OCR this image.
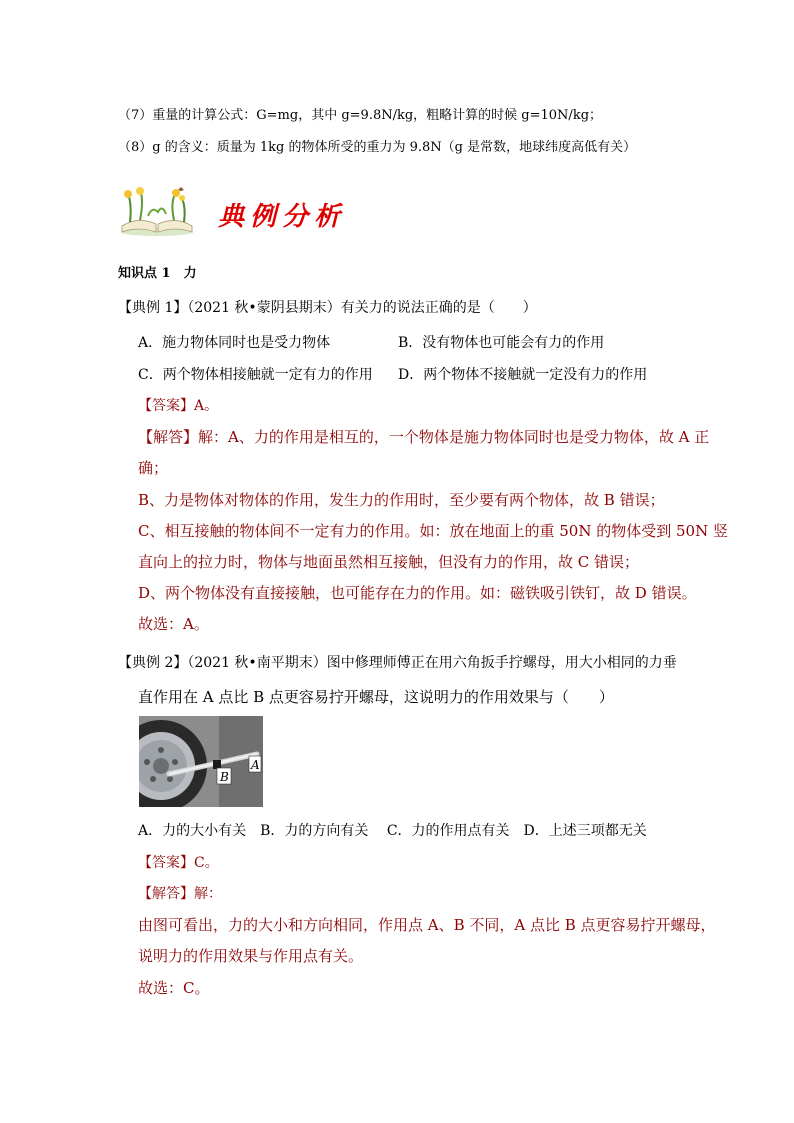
（7）重量的计算公式：G=mg，其中 g=9.8N/kg，粗略计算的时候 g=10N/kg；
（8）g 的含义：质量为 1kg 的物体所受的重力为 9.8N（g 是常数，地球纬度高低有关）
典例分析
知识点 1　力
【典例 1】（2021 秋•蒙阴县期末）有关力的说法正确的是（　　）
A．施力物体同时也是受力物体	B．没有物体也可能会有力的作用
C．两个物体相接触就一定有力的作用 D．两个物体不接触就一定没有力的作用
【答案】A。
【解答】解：A、力的作用是相互的，一个物体是施力物体同时也是受力物体，故 A 正
确；
B、力是物体对物体的作用，发生力的作用时，至少要有两个物体，故 B 错误；
C、相互接触的物体间不一定有力的作用。如：放在地面上的重 50N 的物体受到 50N 竖
直向上的拉力时，物体与地面虽然相互接触，但没有力的作用，故 C 错误；
D、两个物体没有直接接触，也可能存在力的作用。如：磁铁吸引铁钉，故 D 错误。
故选：A。
【典例 2】（2021 秋•南平期末）图中修理师傅正在用六角扳手拧螺母，用大小相同的力垂
直作用在 A 点比 B 点更容易拧开螺母，这说明力的作用效果与（　　）
B
A
A．力的大小有关　B．力的方向有关　 C．力的作用点有关　D．上述三项都无关
【答案】C。
【解答】解：
由图可看出，力的大小和方向相同，作用点 A、B 不同，A 点比 B 点更容易拧开螺母，
说明力的作用效果与作用点有关。
故选：C。
